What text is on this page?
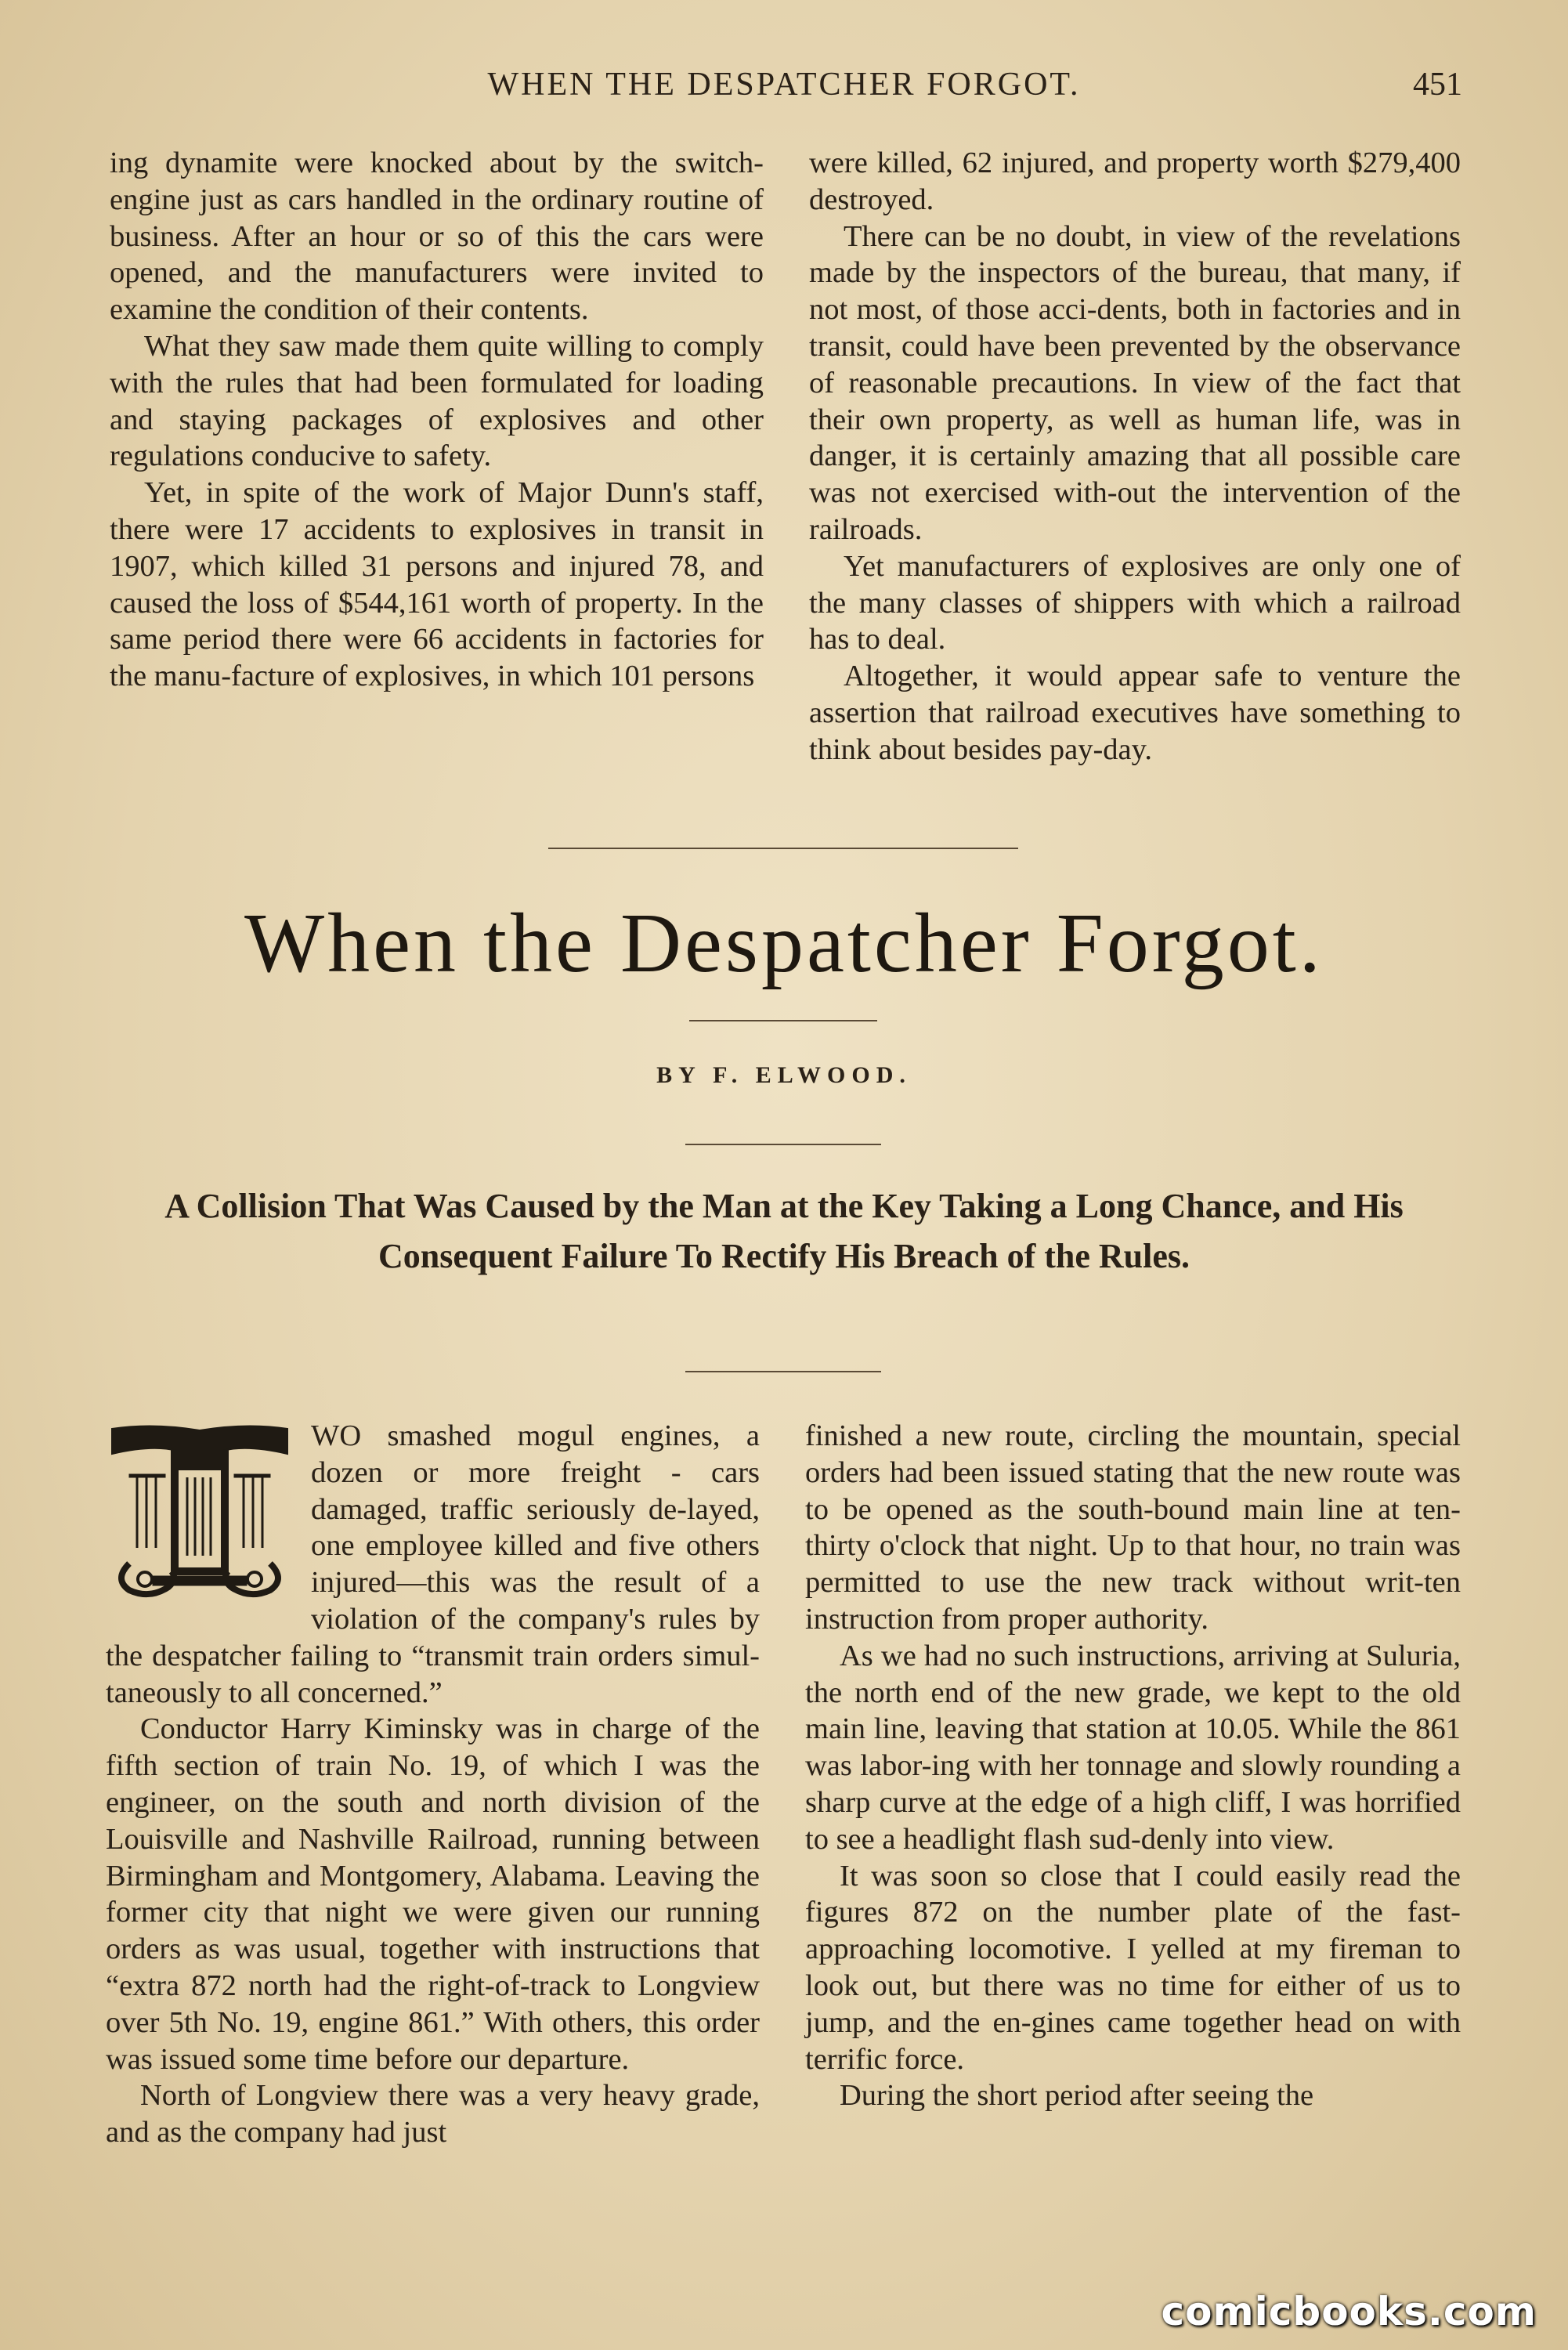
WHEN THE DESPATCHER FORGOT.	451

ing dynamite were knocked about by the switch-engine just as cars handled in the ordinary routine of business. After an hour or so of this the cars were opened, and the manufacturers were invited to examine the condition of their contents.

What they saw made them quite willing to comply with the rules that had been formulated for loading and staying packages of explosives and other regulations conducive to safety.

Yet, in spite of the work of Major Dunn's staff, there were 17 accidents to explosives in transit in 1907, which killed 31 persons and injured 78, and caused the loss of $544,161 worth of property. In the same period there were 66 accidents in factories for the manu-facture of explosives, in which 101 persons

were killed, 62 injured, and property worth $279,400 destroyed.

There can be no doubt, in view of the revelations made by the inspectors of the bureau, that many, if not most, of those acci-dents, both in factories and in transit, could have been prevented by the observance of reasonable precautions. In view of the fact that their own property, as well as human life, was in danger, it is certainly amazing that all possible care was not exercised with-out the intervention of the railroads.

Yet manufacturers of explosives are only one of the many classes of shippers with which a railroad has to deal.

Altogether, it would appear safe to venture the assertion that railroad executives have something to think about besides pay-day.

When the Despatcher Forgot.
BY F. ELWOOD.

A Collision That Was Caused by the Man at the Key Taking a Long Chance, and His Consequent Failure To Rectify His Breach of the Rules.

WO smashed mogul engines, a dozen or more freight - cars damaged, traffic seriously de-layed, one employee killed and five others injured—this was the result of a violation of the company's rules by the despatcher failing to “transmit train orders simul-taneously to all concerned.”

Conductor Harry Kiminsky was in charge of the fifth section of train No. 19, of which I was the engineer, on the south and north division of the Louisville and Nashville Railroad, running between Birmingham and Montgomery, Alabama. Leaving the former city that night we were given our running orders as was usual, together with instructions that “extra 872 north had the right-of-track to Longview over 5th No. 19, engine 861.” With others, this order was issued some time before our departure.

North of Longview there was a very heavy grade, and as the company had just

finished a new route, circling the mountain, special orders had been issued stating that the new route was to be opened as the south-bound main line at ten-thirty o'clock that night. Up to that hour, no train was permitted to use the new track without writ-ten instruction from proper authority.

As we had no such instructions, arriving at Suluria, the north end of the new grade, we kept to the old main line, leaving that station at 10.05. While the 861 was labor-ing with her tonnage and slowly rounding a sharp curve at the edge of a high cliff, I was horrified to see a headlight flash sud-denly into view.

It was soon so close that I could easily read the figures 872 on the number plate of the fast-approaching locomotive. I yelled at my fireman to look out, but there was no time for either of us to jump, and the en-gines came together head on with terrific force.

During the short period after seeing the

comicbooks.com
